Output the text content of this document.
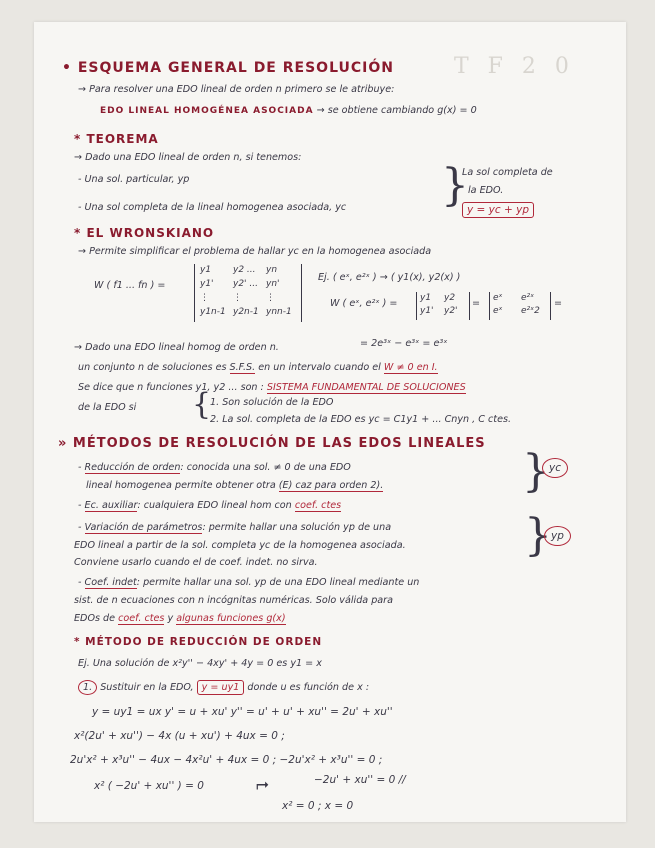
T F 2 0
• ESQUEMA GENERAL DE RESOLUCIÓN
→ Para resolver una EDO lineal de orden n primero se le atribuye:
EDO LINEAL HOMOGÉNEA ASOCIADA → se obtiene cambiando g(x) = 0
* TEOREMA
→ Dado una EDO lineal de orden n, si tenemos:
- Una sol. particular, yp
- Una sol completa de la lineal homogenea asociada, yc }
La sol completa de
la EDO.
y = yc + yp
* EL WRONSKIANO
→ Permite simplificar el problema de hallar yc en la homogenea asociada
W ( f1 ... fn ) =
Ej. ( eˣ, e²ˣ ) → ( y1(x), y2(x) )
W ( eˣ, e²ˣ ) =	=	=
→ Dado una EDO lineal homog de orden n.	= 2e³ˣ − e³ˣ = e³ˣ
un conjunto n de soluciones es S.F.S. en un intervalo cuando el W ≠ 0 en I.
Se dice que n funciones y1, y2 ... son : SISTEMA FUNDAMENTAL DE SOLUCIONES
de la EDO si {
1. Son solución de la EDO
2. La sol. completa de la EDO es yc = C1y1 + ... Cnyn , C ctes.
» MÉTODOS DE RESOLUCIÓN DE LAS EDOS LINEALES
- Reducción de orden: conocida una sol. ≠ 0 de una EDO
lineal homogenea permite obtener otra (E) caz para orden 2).
- Ec. auxiliar: cualquiera EDO lineal hom con coef. ctes
} yc
- Variación de parámetros: permite hallar una solución yp de una
EDO lineal a partir de la sol. completa yc de la homogenea asociada.
Conviene usarlo cuando el de coef. indet. no sirva.
- Coef. indet: permite hallar una sol. yp de una EDO lineal mediante un
sist. de n ecuaciones con n incógnitas numéricas. Solo válida para
EDOs de coef. ctes y algunas funciones g(x)
} yp
* MÉTODO DE REDUCCIÓN DE ORDEN
Ej. Una solución de x²y'' − 4xy' + 4y = 0 es y1 = x
1. Sustituir en la EDO, y = uy1 donde u es función de x :
y = uy1 = ux y' = u + xu' y'' = u' + u' + xu'' = 2u' + xu''
x²(2u' + xu'') − 4x (u + xu') + 4ux = 0 ;
2u'x² + x³u'' − 4ux − 4x²u' + 4ux = 0 ; −2u'x² + x³u'' = 0 ;
x² ( −2u' + xu'' ) = 0	⮣	−2u' + xu'' = 0 //
x² = 0 ; x = 0
y1 y2 ... yn
y1' y2' ... yn'
⋮	⋮	⋮
y1n-1 y2n-1 ynn-1
y1 y2
y1' y2'
eˣ e²ˣ
eˣ e²ˣ2
